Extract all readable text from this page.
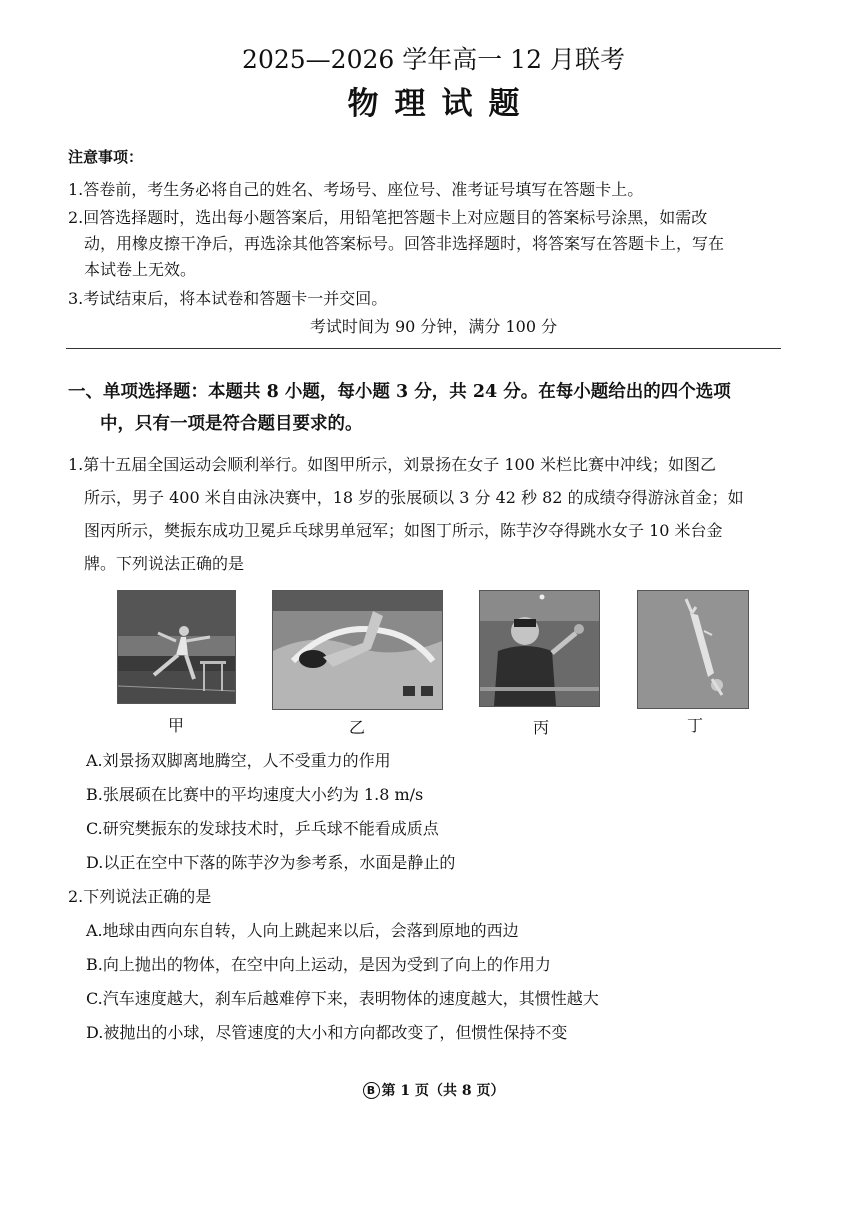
2025—2026 学年高一 12 月联考
物理试题
注意事项：
1.答卷前，考生务必将自己的姓名、考场号、座位号、准考证号填写在答题卡上。
2.回答选择题时，选出每小题答案后，用铅笔把答题卡上对应题目的答案标号涂黑，如需改
动，用橡皮擦干净后，再选涂其他答案标号。回答非选择题时，将答案写在答题卡上，写在
本试卷上无效。
3.考试结束后，将本试卷和答题卡一并交回。
考试时间为 90 分钟，满分 100 分
一、单项选择题：本题共 8 小题，每小题 3 分，共 24 分。在每小题给出的四个选项
中，只有一项是符合题目要求的。
1.第十五届全国运动会顺利举行。如图甲所示，刘景扬在女子 100 米栏比赛中冲线；如图乙
所示，男子 400 米自由泳决赛中，18 岁的张展硕以 3 分 42 秒 82 的成绩夺得游泳首金；如
图丙所示，樊振东成功卫冕乒乓球男单冠军；如图丁所示，陈芋汐夺得跳水女子 10 米台金
牌。下列说法正确的是
甲	乙	丙	丁
A.刘景扬双脚离地腾空，人不受重力的作用
B.张展硕在比赛中的平均速度大小约为 1.8 m/s
C.研究樊振东的发球技术时，乒乓球不能看成质点
D.以正在空中下落的陈芋汐为参考系，水面是静止的
2.下列说法正确的是
A.地球由西向东自转，人向上跳起来以后，会落到原地的西边
B.向上抛出的物体，在空中向上运动，是因为受到了向上的作用力
C.汽车速度越大，刹车后越难停下来，表明物体的速度越大，其惯性越大
D.被抛出的小球，尽管速度的大小和方向都改变了，但惯性保持不变
B 第 1 页（共 8 页）
